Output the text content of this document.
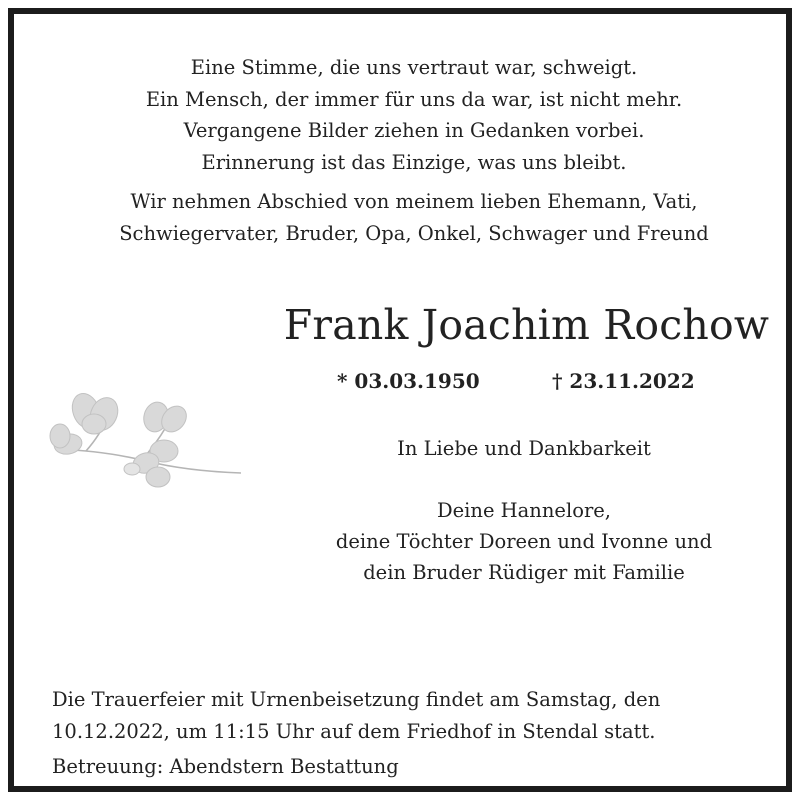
Eine Stimme, die uns vertraut war, schweigt.
Ein Mensch, der immer für uns da war, ist nicht mehr.
Vergangene Bilder ziehen in Gedanken vorbei.
Erinnerung ist das Einzige, was uns bleibt.
Wir nehmen Abschied von meinem lieben Ehemann, Vati,
Schwiegervater, Bruder, Opa, Onkel, Schwager und Freund
Frank Joachim Rochow
* 03.03.1950	† 23.11.2022
In Liebe und Dankbarkeit
Deine Hannelore,
deine Töchter Doreen und Ivonne und
dein Bruder Rüdiger mit Familie
Die Trauerfeier mit Urnenbeisetzung findet am Samstag, den
10.12.2022, um 11:15 Uhr auf dem Friedhof in Stendal statt.
Betreuung: Abendstern Bestattung
